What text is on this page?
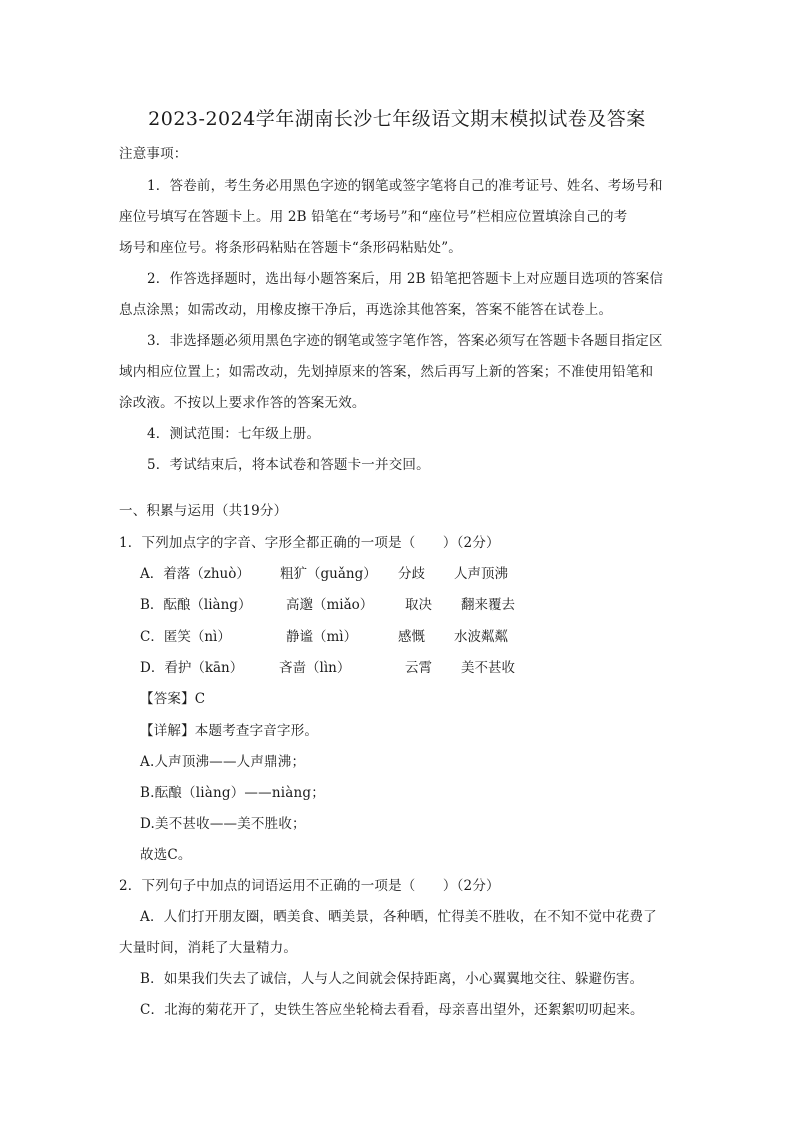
2023-2024学年湖南长沙七年级语文期末模拟试卷及答案
注意事项：
1．答卷前，考生务必用黑色字迹的钢笔或签字笔将自己的准考证号、姓名、考场号和
座位号填写在答题卡上。用 2B 铅笔在“考场号”和“座位号”栏相应位置填涂自己的考
场号和座位号。将条形码粘贴在答题卡“条形码粘贴处”。
2．作答选择题时，选出每小题答案后，用 2B 铅笔把答题卡上对应题目选项的答案信
息点涂黑；如需改动，用橡皮擦干净后，再选涂其他答案，答案不能答在试卷上。
3．非选择题必须用黑色字迹的钢笔或签字笔作答，答案必须写在答题卡各题目指定区
域内相应位置上；如需改动，先划掉原来的答案，然后再写上新的答案；不准使用铅笔和
涂改液。不按以上要求作答的答案无效。
4．测试范围：七年级上册。
5．考试结束后，将本试卷和答题卡一并交回。
一、积累与运用（共19分）
1．下列加点字的字音、字形全都正确的一项是（　　）（2分）
A．着落（zhuò） 粗犷（guǎng） 分歧 人声顶沸
B．酝酿（liàng）	高邈（miǎo） 取决 翻来覆去
C．匿笑（nì）	静谧（mì）	感慨 水波粼粼
D．看护（kān）	吝啬（lìn）	云霄 美不甚收
【答案】C
【详解】本题考查字音字形。
A.人声顶沸——人声鼎沸；
B.酝酿（liàng）——niàng；
D.美不甚收——美不胜收；
故选C。
2．下列句子中加点的词语运用不正确的一项是（　　）（2分）
A．人们打开朋友圈，晒美食、晒美景，各种晒，忙得美不胜收，在不知不觉中花费了
大量时间，消耗了大量精力。
B．如果我们失去了诚信，人与人之间就会保持距离，小心翼翼地交往、躲避伤害。
C．北海的菊花开了，史铁生答应坐轮椅去看看，母亲喜出望外，还絮絮叨叨起来。
